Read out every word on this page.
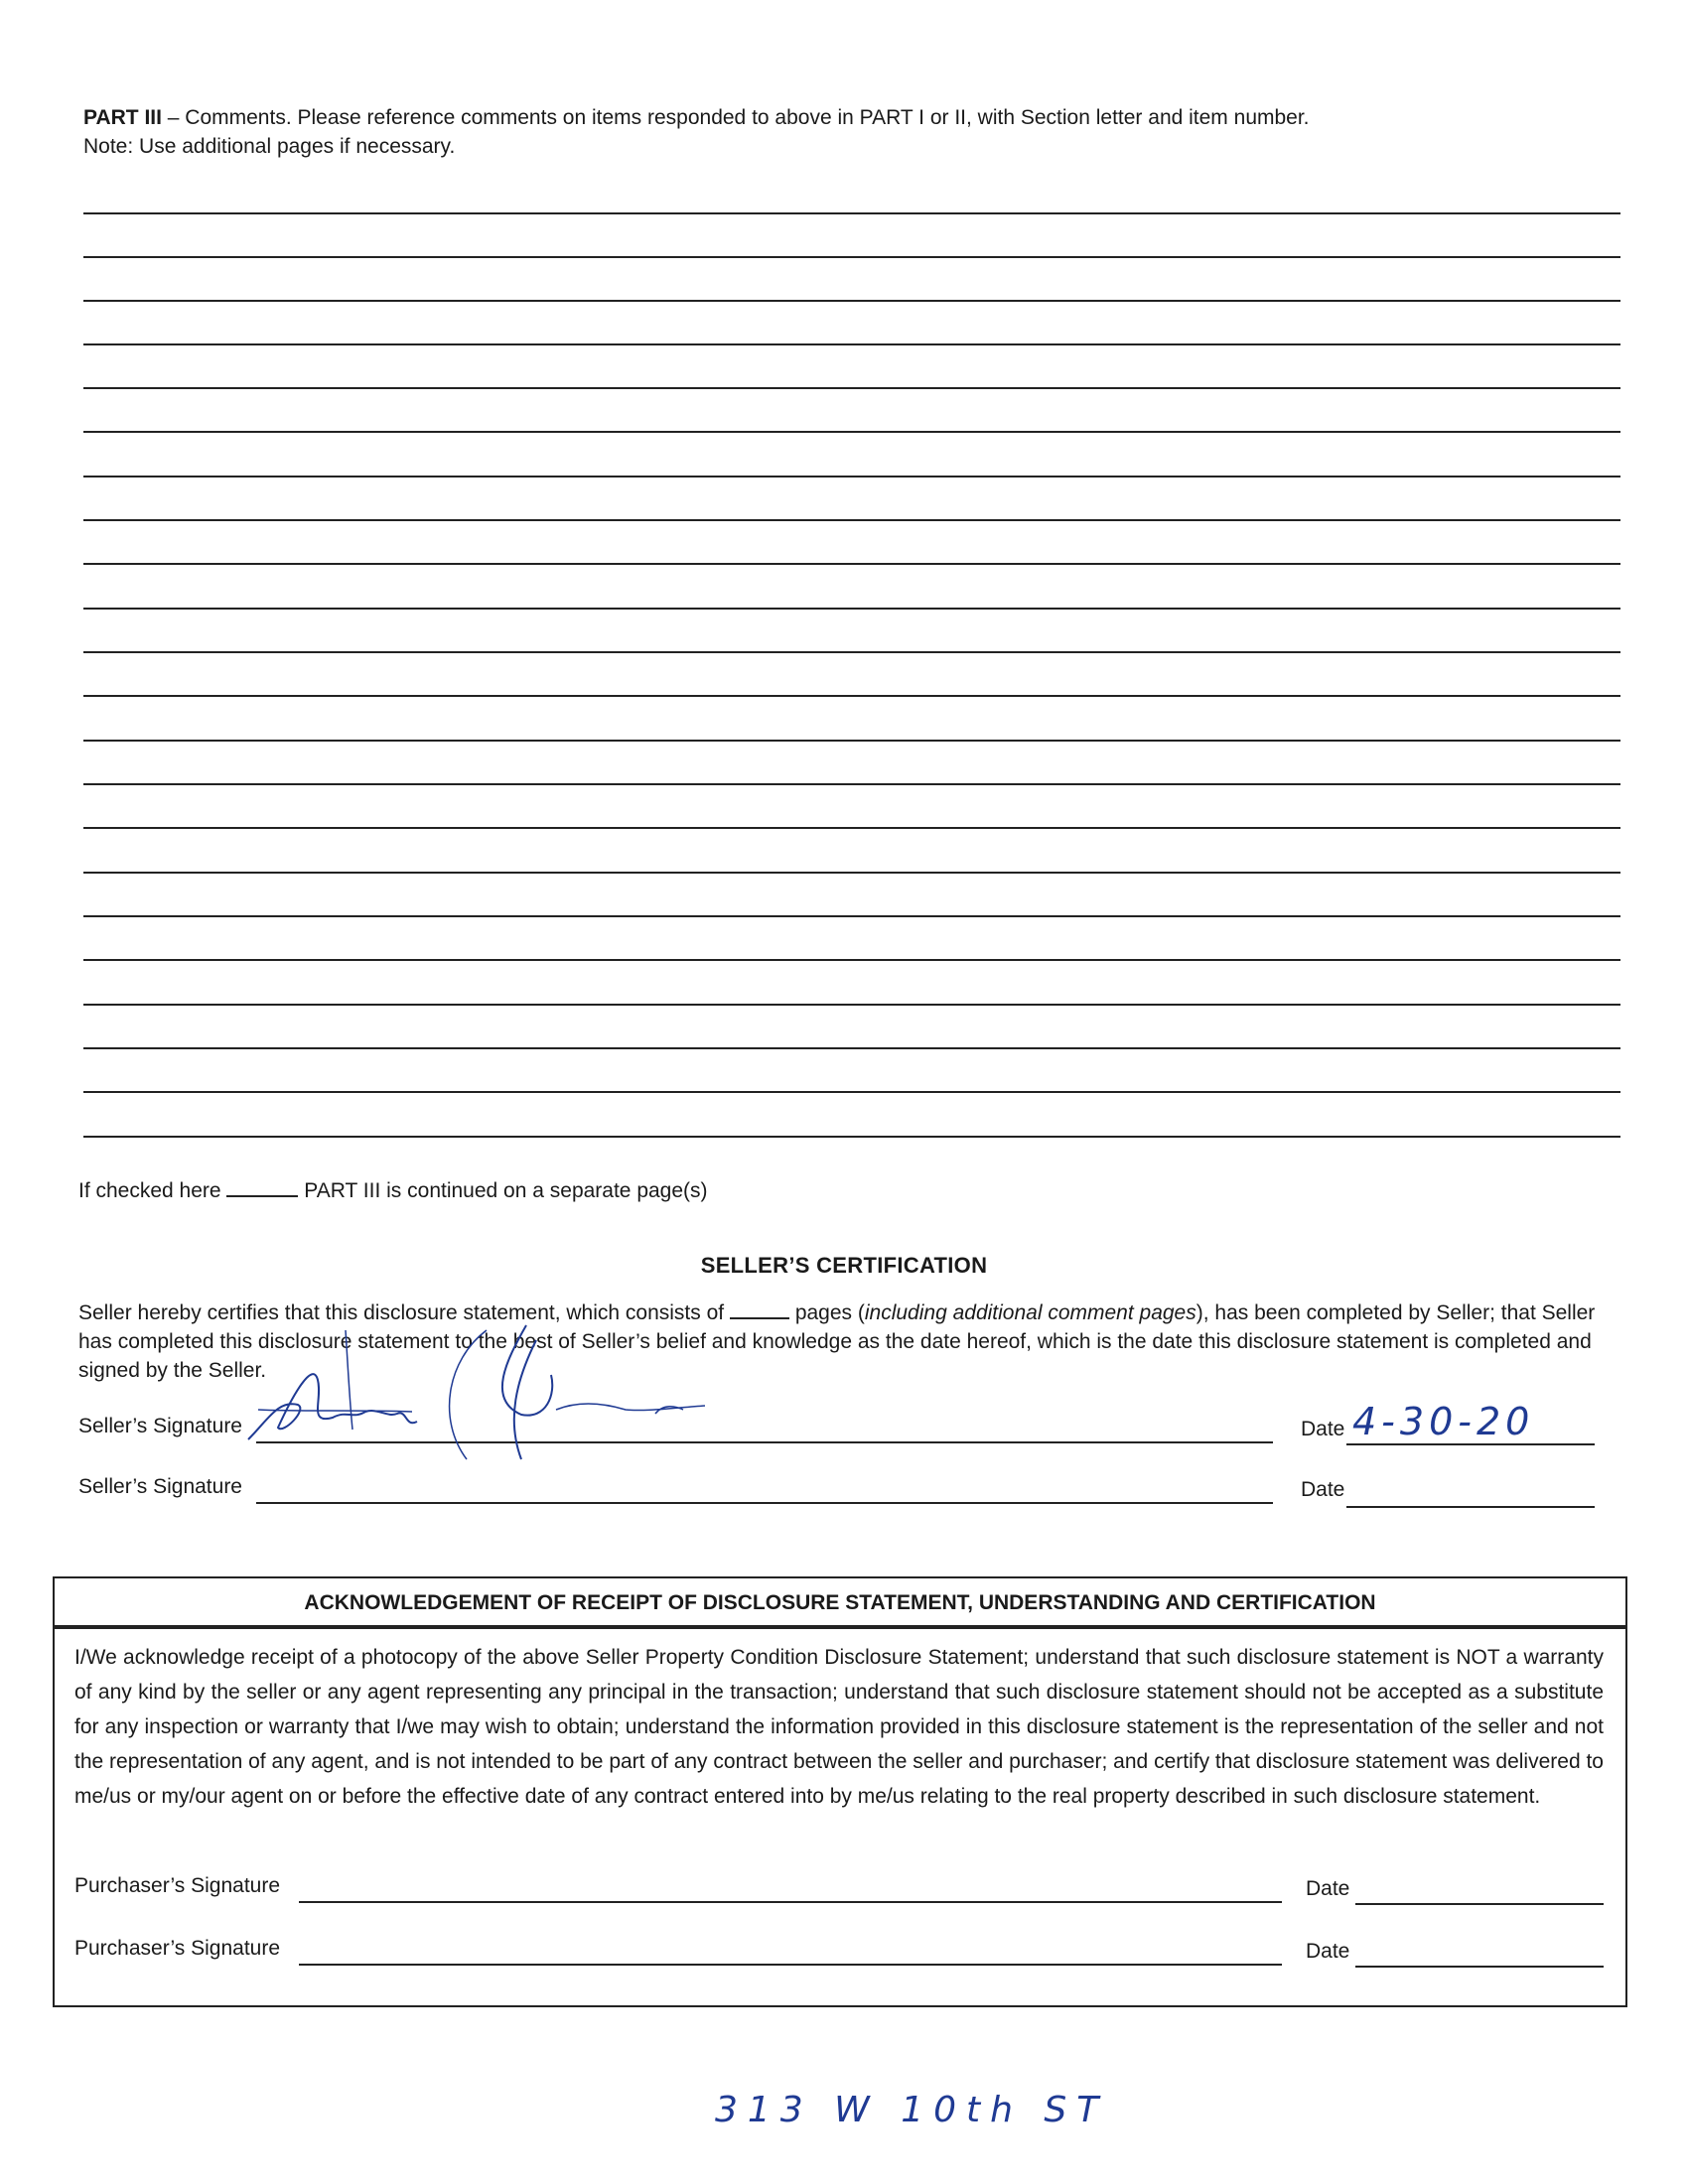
PART III – Comments. Please reference comments on items responded to above in PART I or II, with Section letter and item number.
Note: Use additional pages if necessary.
If checked here	PART III is continued on a separate page(s)
SELLER’S CERTIFICATION
Seller hereby certifies that this disclosure statement, which consists of	pages (including additional comment pages), has been completed by Seller; that Seller has completed this disclosure statement to the best of Seller’s belief and knowledge as the date hereof, which is the date this disclosure statement is completed and signed by the Seller.
Seller’s Signature	Date 4-30-20
Seller’s Signature	Date
ACKNOWLEDGEMENT OF RECEIPT OF DISCLOSURE STATEMENT, UNDERSTANDING AND CERTIFICATION
I/We acknowledge receipt of a photocopy of the above Seller Property Condition Disclosure Statement; understand that such disclosure statement is NOT a warranty of any kind by the seller or any agent representing any principal in the transaction; understand that such disclosure statement should not be accepted as a substitute for any inspection or warranty that I/we may wish to obtain; understand the information provided in this disclosure statement is the representation of the seller and not the representation of any agent, and is not intended to be part of any contract between the seller and purchaser; and certify that disclosure statement was delivered to me/us or my/our agent on or before the effective date of any contract entered into by me/us relating to the real property described in such disclosure statement.
Purchaser’s Signature	Date
Purchaser’s Signature	Date
313 W 10th ST
